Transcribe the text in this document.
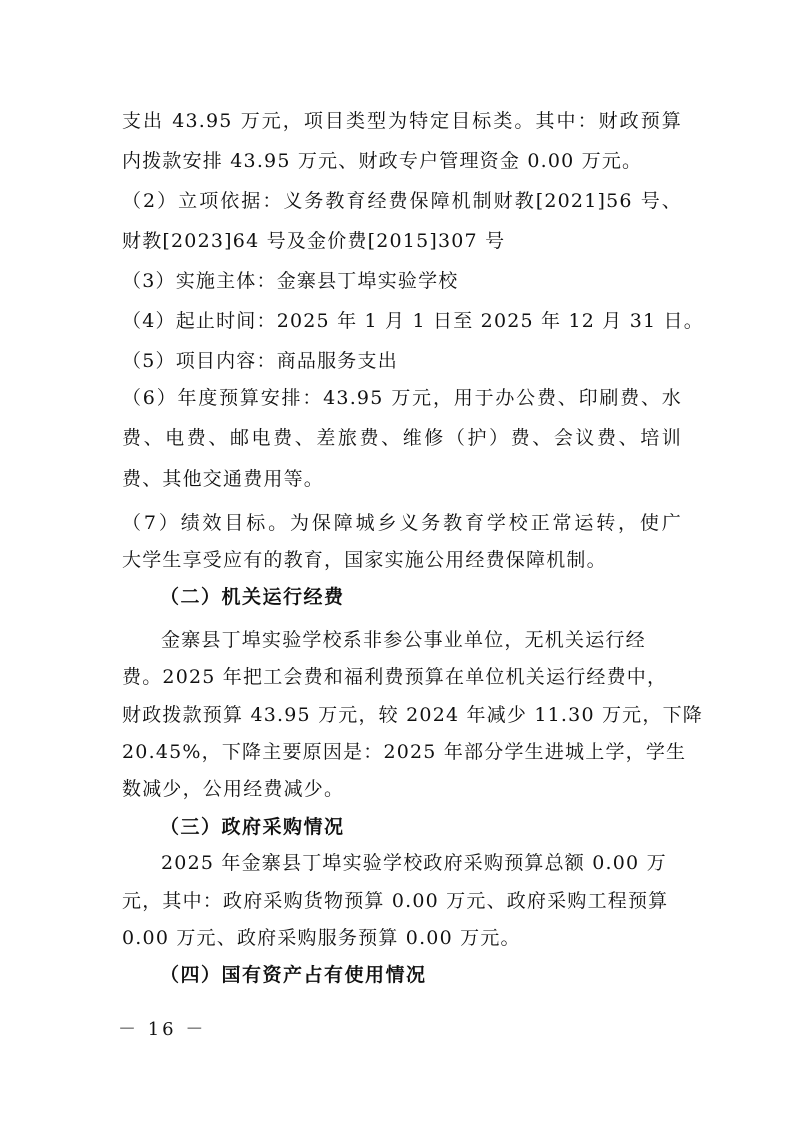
支出 43.95 万元，项目类型为特定目标类。其中：财政预算
内拨款安排 43.95 万元、财政专户管理资金 0.00 万元。
（2）立项依据：义务教育经费保障机制财教[2021]56 号、
财教[2023]64 号及金价费[2015]307 号
（3）实施主体：金寨县丁埠实验学校
（4）起止时间：2025 年 1 月 1 日至 2025 年 12 月 31 日。
（5）项目内容：商品服务支出
（6）年度预算安排：43.95 万元，用于办公费、印刷费、水
费、电费、邮电费、差旅费、维修（护）费、会议费、培训
费、其他交通费用等。
（7）绩效目标。为保障城乡义务教育学校正常运转，使广
大学生享受应有的教育，国家实施公用经费保障机制。
（二）机关运行经费
金寨县丁埠实验学校系非参公事业单位，无机关运行经
费。2025 年把工会费和福利费预算在单位机关运行经费中，
财政拨款预算 43.95 万元，较 2024 年减少 11.30 万元，下降
20.45%，下降主要原因是：2025 年部分学生进城上学，学生
数减少，公用经费减少。
（三）政府采购情况
2025 年金寨县丁埠实验学校政府采购预算总额 0.00 万
元，其中：政府采购货物预算 0.00 万元、政府采购工程预算
0.00 万元、政府采购服务预算 0.00 万元。
（四）国有资产占有使用情况
－ 16 －
